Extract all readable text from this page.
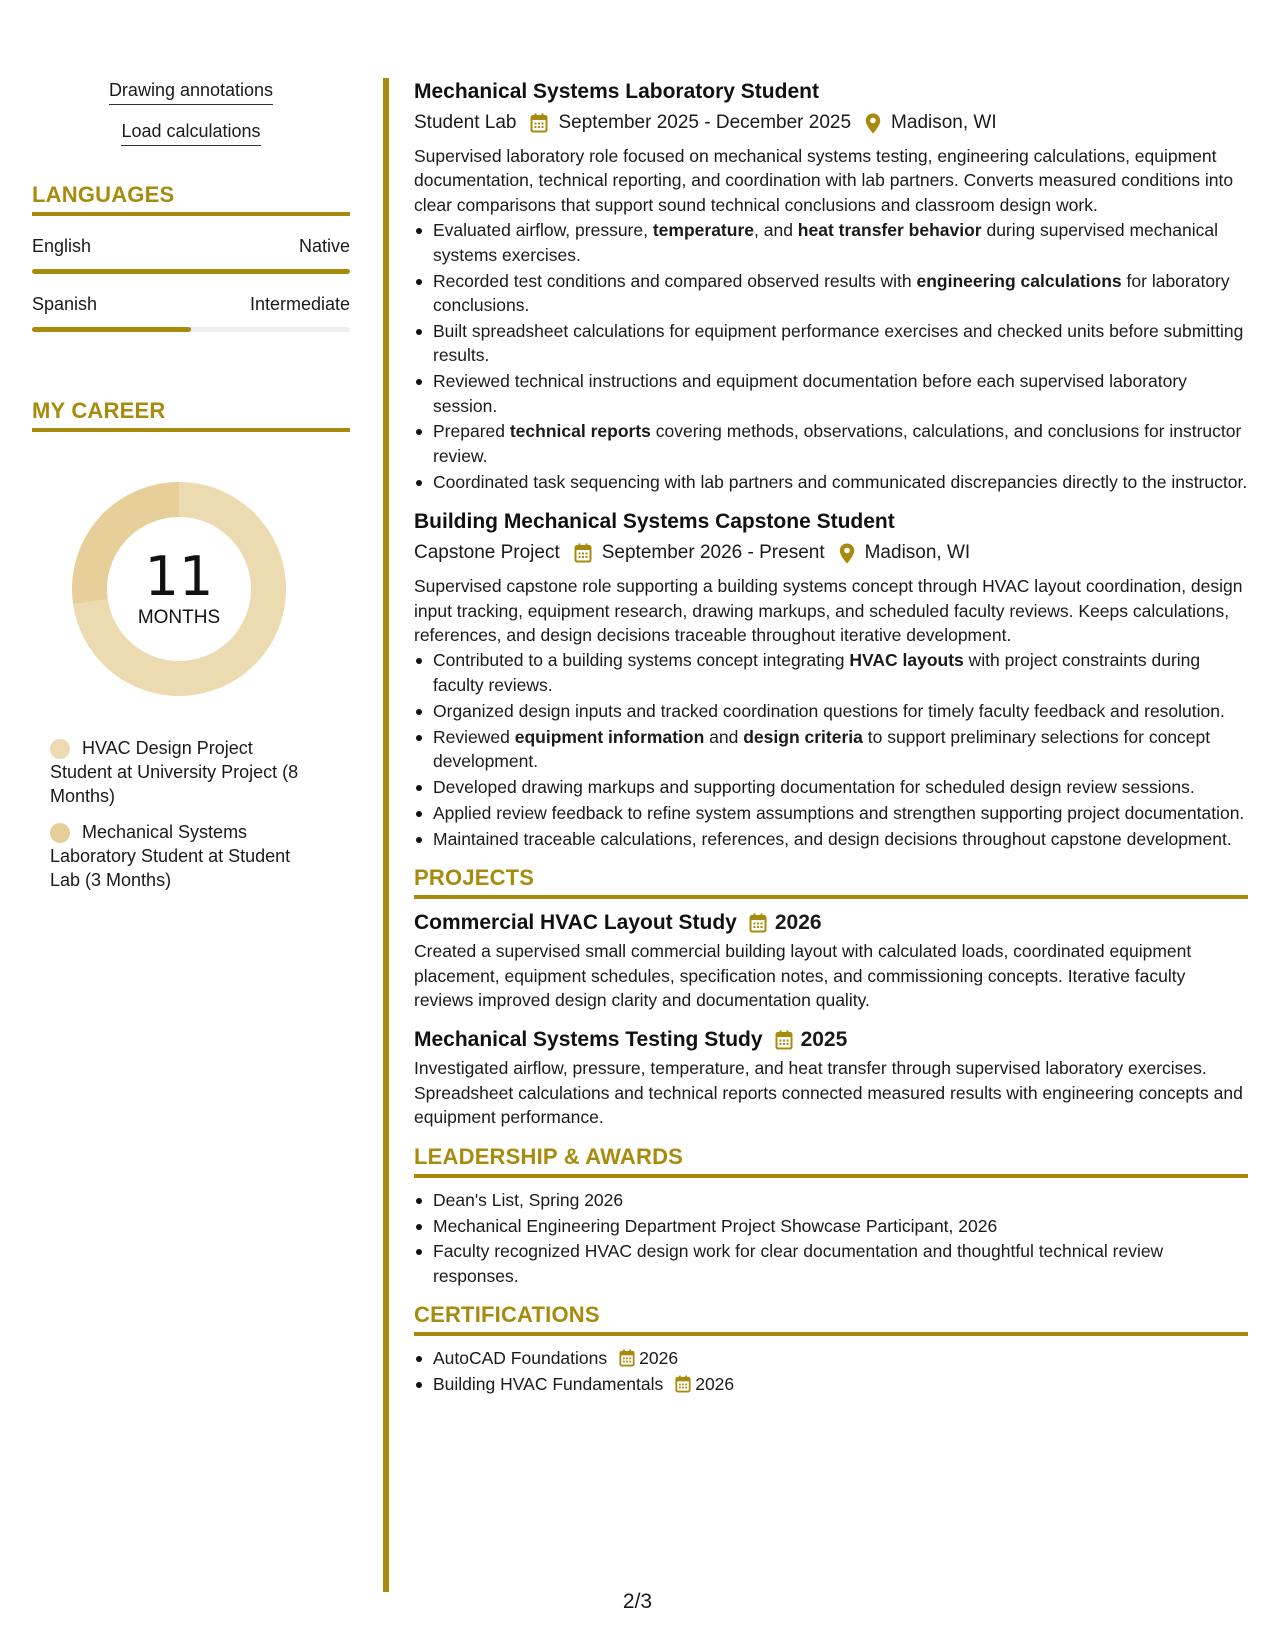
Drawing annotations
Load calculations
LANGUAGES
English	Native
Spanish	Intermediate
MY CAREER
11
MONTHS
HVAC Design Project Student at University Project (8 Months)
Mechanical Systems Laboratory Student at Student Lab (3 Months)
Mechanical Systems Laboratory Student
Student Lab September 2025 - December 2025 Madison, WI
Supervised laboratory role focused on mechanical systems testing, engineering calculations, equipment documentation, technical reporting, and coordination with lab partners. Converts measured conditions into clear comparisons that support sound technical conclusions and classroom design work.
Evaluated airflow, pressure, temperature, and heat transfer behavior during supervised mechanical systems exercises.
Recorded test conditions and compared observed results with engineering calculations for laboratory conclusions.
Built spreadsheet calculations for equipment performance exercises and checked units before submitting results.
Reviewed technical instructions and equipment documentation before each supervised laboratory session.
Prepared technical reports covering methods, observations, calculations, and conclusions for instructor review.
Coordinated task sequencing with lab partners and communicated discrepancies directly to the instructor.
Building Mechanical Systems Capstone Student
Capstone Project September 2026 - Present Madison, WI
Supervised capstone role supporting a building systems concept through HVAC layout coordination, design input tracking, equipment research, drawing markups, and scheduled faculty reviews. Keeps calculations, references, and design decisions traceable throughout iterative development.
Contributed to a building systems concept integrating HVAC layouts with project constraints during faculty reviews.
Organized design inputs and tracked coordination questions for timely faculty feedback and resolution.
Reviewed equipment information and design criteria to support preliminary selections for concept development.
Developed drawing markups and supporting documentation for scheduled design review sessions.
Applied review feedback to refine system assumptions and strengthen supporting project documentation.
Maintained traceable calculations, references, and design decisions throughout capstone development.
PROJECTS
Commercial HVAC Layout Study 2026
Created a supervised small commercial building layout with calculated loads, coordinated equipment placement, equipment schedules, specification notes, and commissioning concepts. Iterative faculty reviews improved design clarity and documentation quality.
Mechanical Systems Testing Study 2025
Investigated airflow, pressure, temperature, and heat transfer through supervised laboratory exercises. Spreadsheet calculations and technical reports connected measured results with engineering concepts and equipment performance.
LEADERSHIP & AWARDS
Dean's List, Spring 2026
Mechanical Engineering Department Project Showcase Participant, 2026
Faculty recognized HVAC design work for clear documentation and thoughtful technical review responses.
CERTIFICATIONS
AutoCAD Foundations 2026
Building HVAC Fundamentals 2026
2/3
